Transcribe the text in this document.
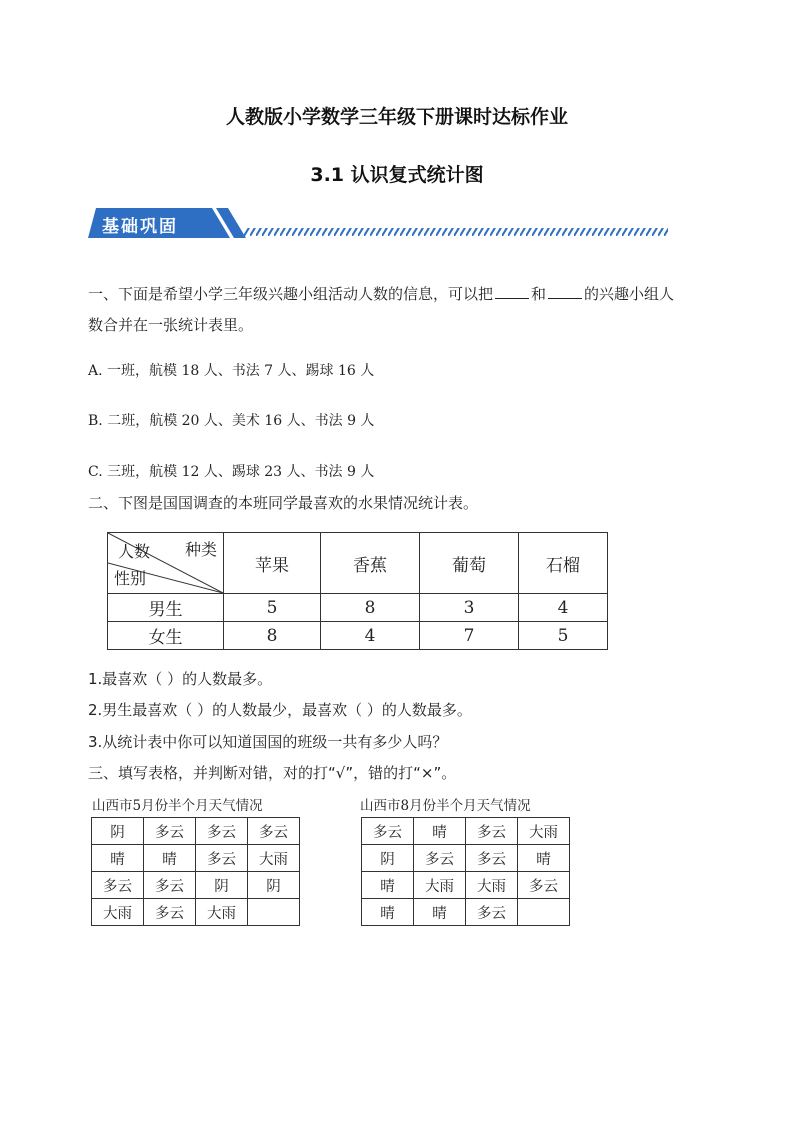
人教版小学数学三年级下册课时达标作业
3.1 认识复式统计图
基础巩固
一、下面是希望小学三年级兴趣小组活动人数的信息，可以把	和	的兴趣小组人
数合并在一张统计表里。
A. 一班，航模 18 人、书法 7 人、踢球 16 人
B. 二班，航模 20 人、美术 16 人、书法 9 人
C. 三班，航模 12 人、踢球 23 人、书法 9 人
二、下图是国国调查的本班同学最喜欢的水果情况统计表。
人数 种类
性别	苹果	香蕉	葡萄	石榴
男生	5	8	3	4
女生	8	4	7	5
1.最喜欢（ ）的人数最多。
2.男生最喜欢（ ）的人数最少，最喜欢（ ）的人数最多。
3.从统计表中你可以知道国国的班级一共有多少人吗？
三、填写表格，并判断对错，对的打“√”，错的打“×”。
山西市5月份半个月天气情况
阴	多云	多云	多云
晴	晴	多云	大雨
多云	多云	阴	阴
大雨	多云	大雨	
山西市8月份半个月天气情况
多云	晴	多云	大雨
阴	多云	多云	晴
晴	大雨	大雨	多云
晴	晴	多云	
